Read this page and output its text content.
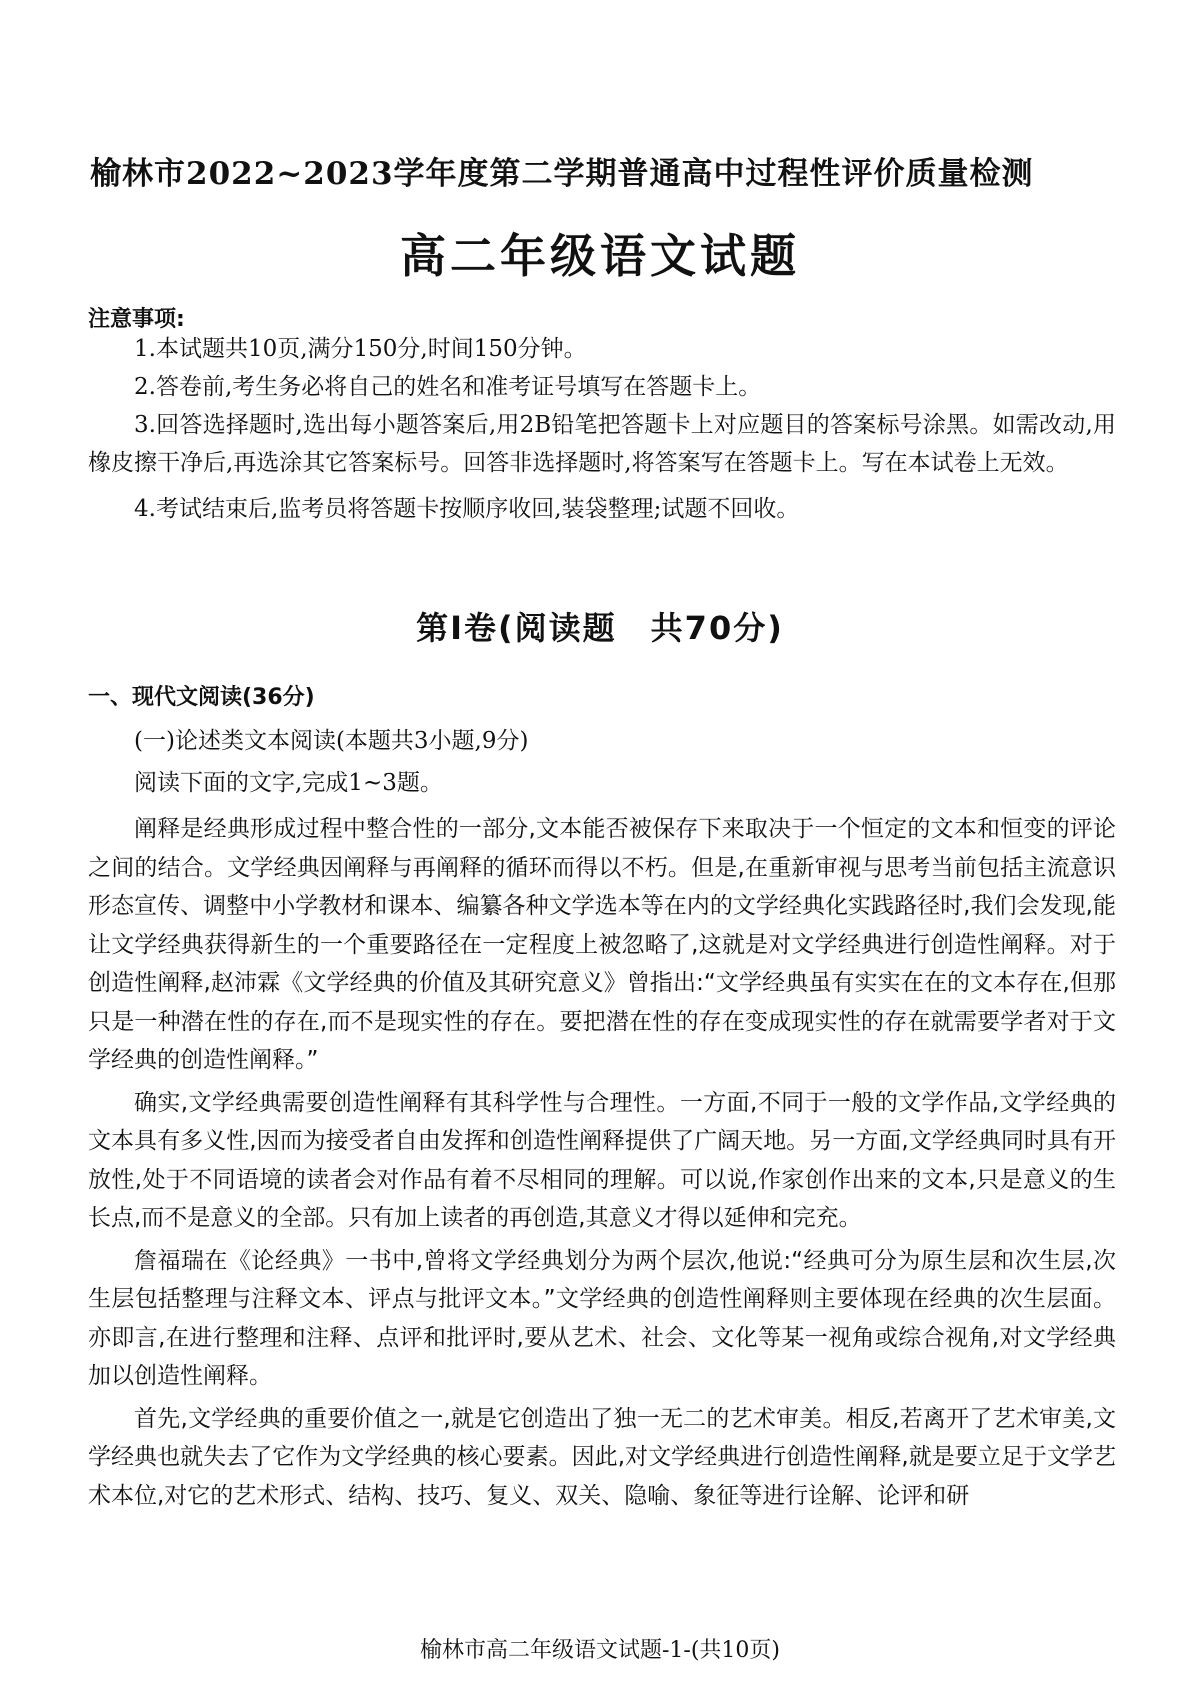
榆林市2022~2023学年度第二学期普通高中过程性评价质量检测
高二年级语文试题
注意事项:

1.本试题共10页,满分150分,时间150分钟。

2.答卷前,考生务必将自己的姓名和准考证号填写在答题卡上。

3.回答选择题时,选出每小题答案后,用2B铅笔把答题卡上对应题目的答案标号涂黑。如需改动,用橡皮擦干净后,再选涂其它答案标号。回答非选择题时,将答案写在答题卡上。写在本试卷上无效。

4.考试结束后,监考员将答题卡按顺序收回,装袋整理;试题不回收。

第Ⅰ卷(阅读题　共70分)
一、现代文阅读(36分)
(一)论述类文本阅读(本题共3小题,9分)
阅读下面的文字,完成1~3题。

阐释是经典形成过程中整合性的一部分,文本能否被保存下来取决于一个恒定的文本和恒变的评论之间的结合。文学经典因阐释与再阐释的循环而得以不朽。但是,在重新审视与思考当前包括主流意识形态宣传、调整中小学教材和课本、编纂各种文学选本等在内的文学经典化实践路径时,我们会发现,能让文学经典获得新生的一个重要路径在一定程度上被忽略了,这就是对文学经典进行创造性阐释。对于创造性阐释,赵沛霖《文学经典的价值及其研究意义》曾指出:“文学经典虽有实实在在的文本存在,但那只是一种潜在性的存在,而不是现实性的存在。要把潜在性的存在变成现实性的存在就需要学者对于文学经典的创造性阐释。”

确实,文学经典需要创造性阐释有其科学性与合理性。一方面,不同于一般的文学作品,文学经典的文本具有多义性,因而为接受者自由发挥和创造性阐释提供了广阔天地。另一方面,文学经典同时具有开放性,处于不同语境的读者会对作品有着不尽相同的理解。可以说,作家创作出来的文本,只是意义的生长点,而不是意义的全部。只有加上读者的再创造,其意义才得以延伸和完充。

詹福瑞在《论经典》一书中,曾将文学经典划分为两个层次,他说:“经典可分为原生层和次生层,次生层包括整理与注释文本、评点与批评文本。”文学经典的创造性阐释则主要体现在经典的次生层面。亦即言,在进行整理和注释、点评和批评时,要从艺术、社会、文化等某一视角或综合视角,对文学经典加以创造性阐释。

首先,文学经典的重要价值之一,就是它创造出了独一无二的艺术审美。相反,若离开了艺术审美,文学经典也就失去了它作为文学经典的核心要素。因此,对文学经典进行创造性阐释,就是要立足于文学艺术本位,对它的艺术形式、结构、技巧、复义、双关、隐喻、象征等进行诠解、论评和研

榆林市高二年级语文试题-1-(共10页)
